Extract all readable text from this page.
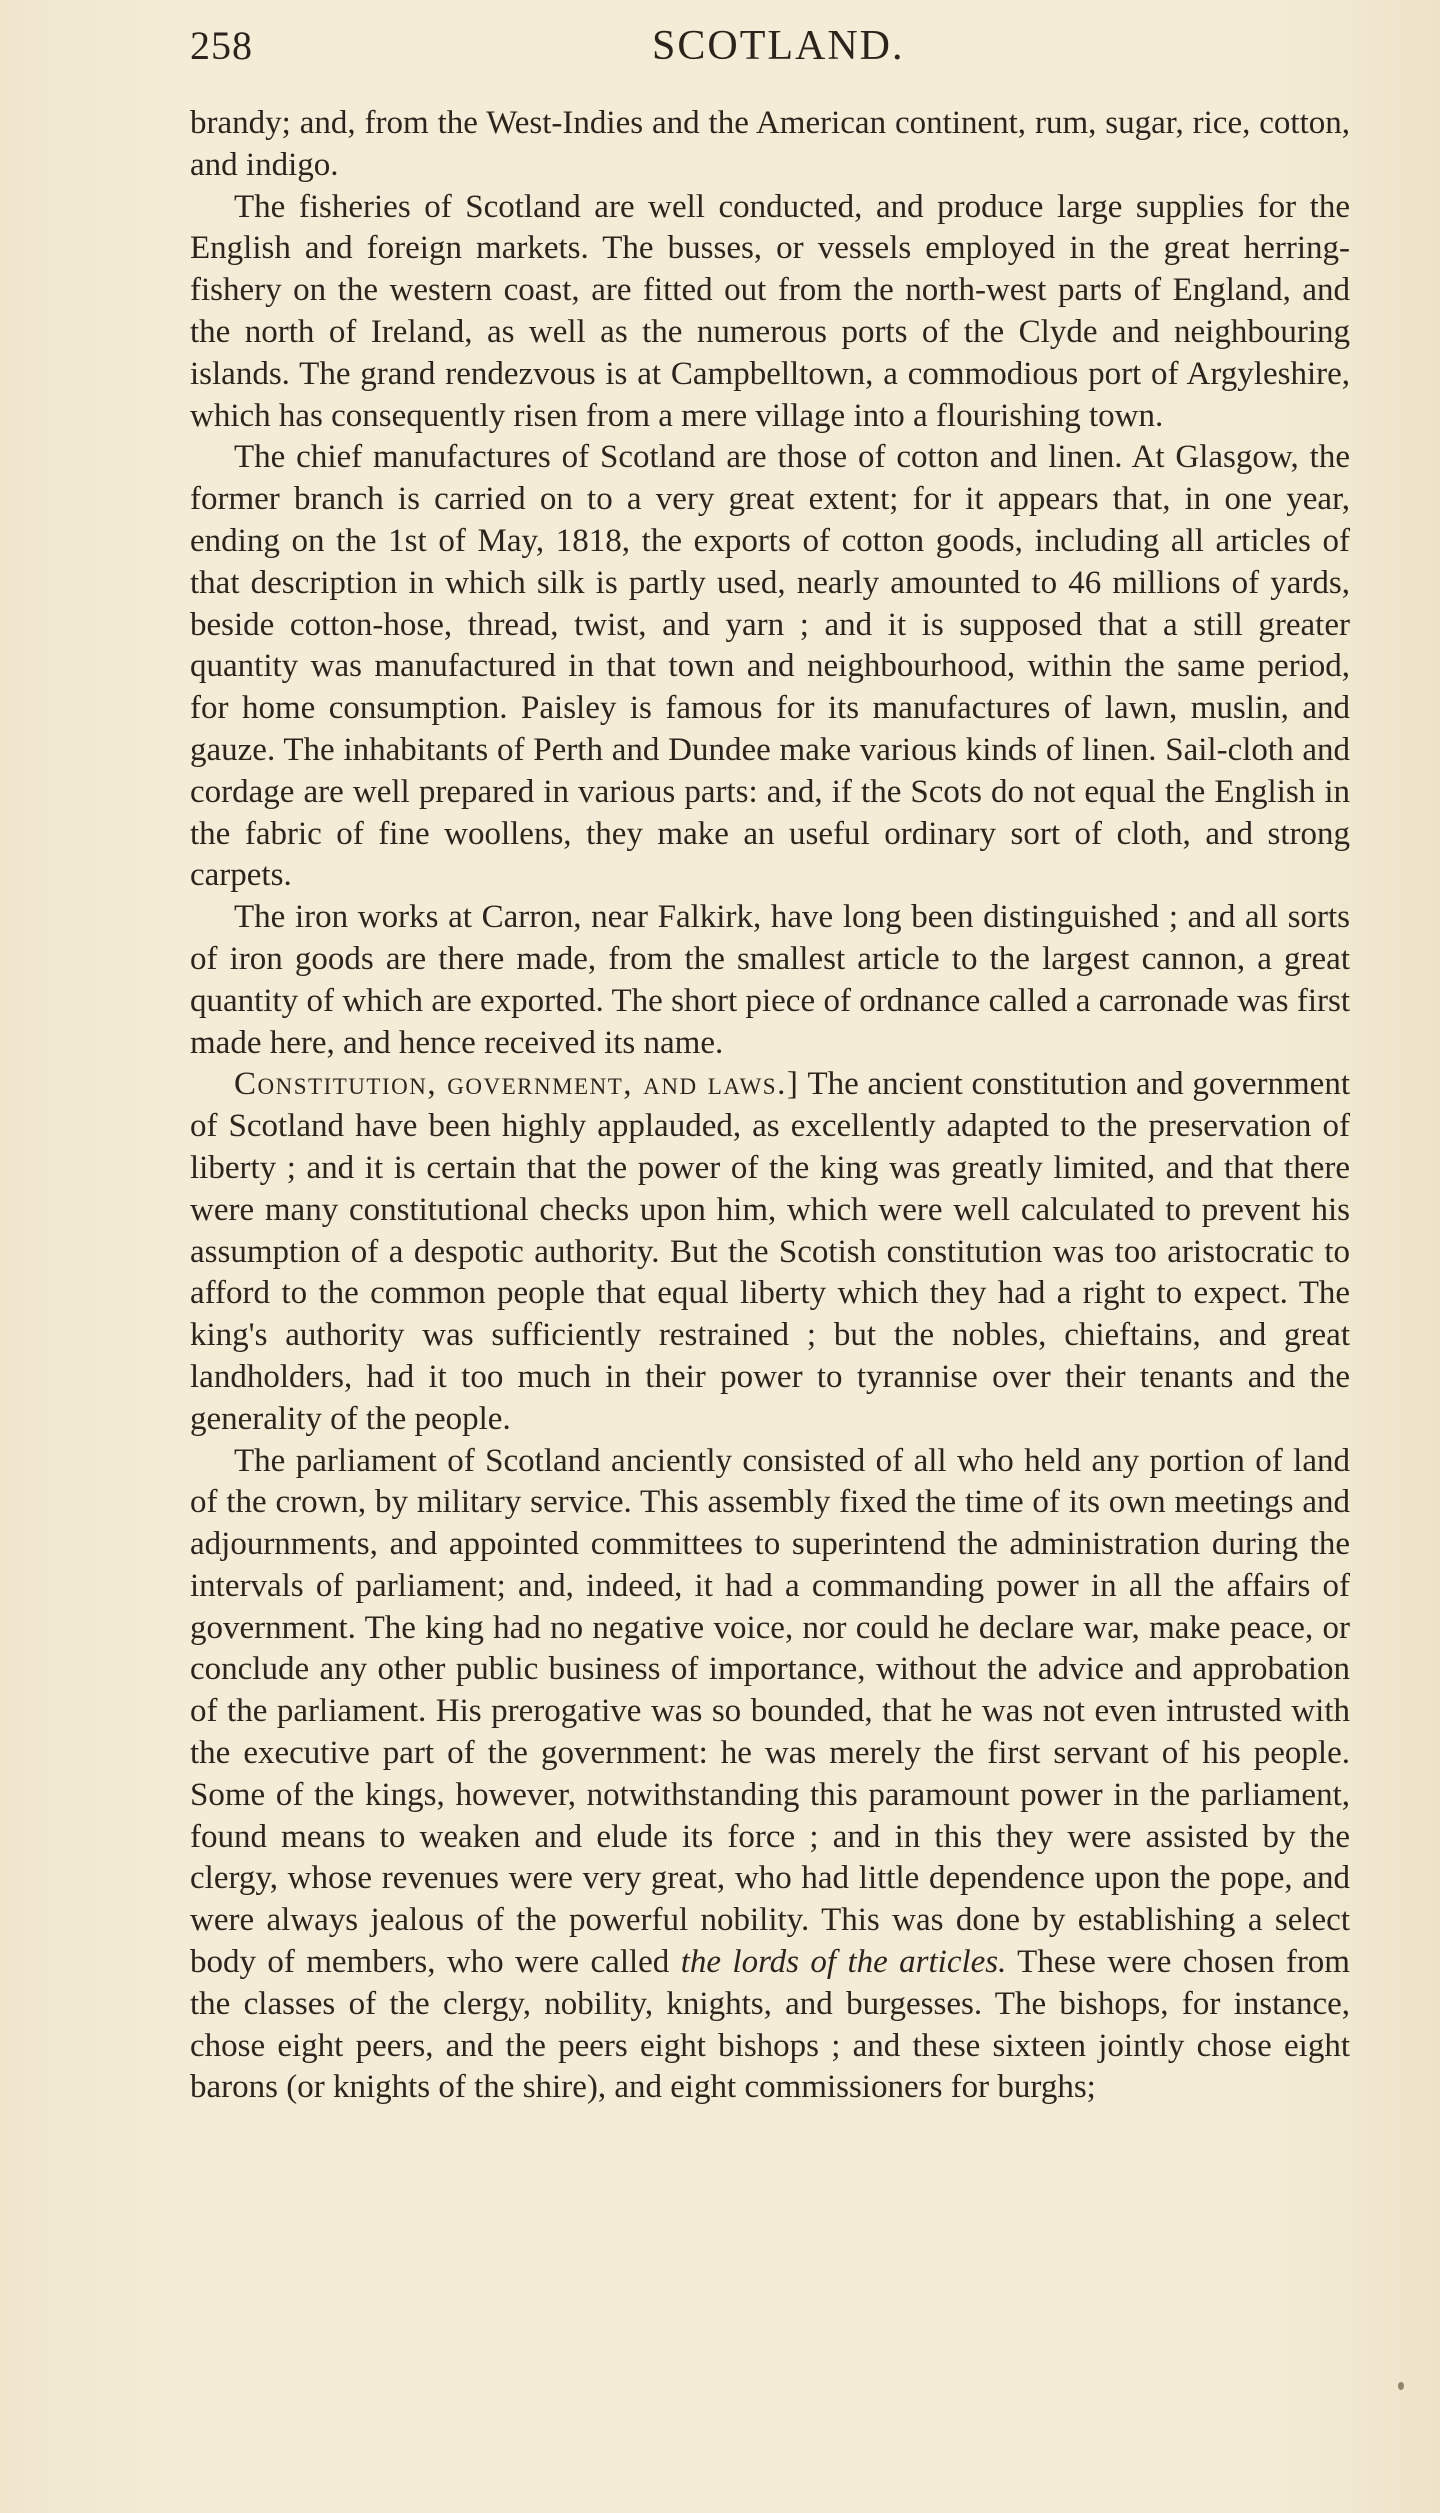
258	SCOTLAND.

brandy; and, from the West-Indies and the American continent, rum, sugar, rice, cotton, and indigo.

The fisheries of Scotland are well conducted, and produce large supplies for the English and foreign markets. The busses, or vessels employed in the great herring-fishery on the western coast, are fitted out from the north-west parts of England, and the north of Ireland, as well as the numerous ports of the Clyde and neighbouring islands. The grand rendezvous is at Campbelltown, a commodious port of Argyleshire, which has consequently risen from a mere village into a flourishing town.

The chief manufactures of Scotland are those of cotton and linen. At Glasgow, the former branch is carried on to a very great extent; for it appears that, in one year, ending on the 1st of May, 1818, the exports of cotton goods, including all articles of that description in which silk is partly used, nearly amounted to 46 millions of yards, beside cotton-hose, thread, twist, and yarn ; and it is supposed that a still greater quantity was manufactured in that town and neighbourhood, within the same period, for home consumption. Paisley is famous for its manufactures of lawn, muslin, and gauze. The inhabitants of Perth and Dundee make various kinds of linen. Sail-cloth and cordage are well prepared in various parts: and, if the Scots do not equal the English in the fabric of fine woollens, they make an useful ordinary sort of cloth, and strong carpets.

The iron works at Carron, near Falkirk, have long been distinguished ; and all sorts of iron goods are there made, from the smallest article to the largest cannon, a great quantity of which are exported. The short piece of ordnance called a carronade was first made here, and hence received its name.

Constitution, government, and laws.] The ancient constitution and government of Scotland have been highly applauded, as excellently adapted to the preservation of liberty ; and it is certain that the power of the king was greatly limited, and that there were many constitutional checks upon him, which were well calculated to prevent his assumption of a despotic authority. But the Scotish constitution was too aristocratic to afford to the common people that equal liberty which they had a right to expect. The king's authority was sufficiently restrained ; but the nobles, chieftains, and great landholders, had it too much in their power to tyrannise over their tenants and the generality of the people.

The parliament of Scotland anciently consisted of all who held any portion of land of the crown, by military service. This assembly fixed the time of its own meetings and adjournments, and appointed committees to superintend the administration during the intervals of parliament; and, indeed, it had a commanding power in all the affairs of government. The king had no negative voice, nor could he declare war, make peace, or conclude any other public business of importance, without the advice and approbation of the parliament. His prerogative was so bounded, that he was not even intrusted with the executive part of the government: he was merely the first servant of his people. Some of the kings, however, notwithstanding this paramount power in the parliament, found means to weaken and elude its force ; and in this they were assisted by the clergy, whose revenues were very great, who had little dependence upon the pope, and were always jealous of the powerful nobility. This was done by establishing a select body of members, who were called the lords of the articles. These were chosen from the classes of the clergy, nobility, knights, and burgesses. The bishops, for instance, chose eight peers, and the peers eight bishops ; and these sixteen jointly chose eight barons (or knights of the shire), and eight commissioners for burghs;
